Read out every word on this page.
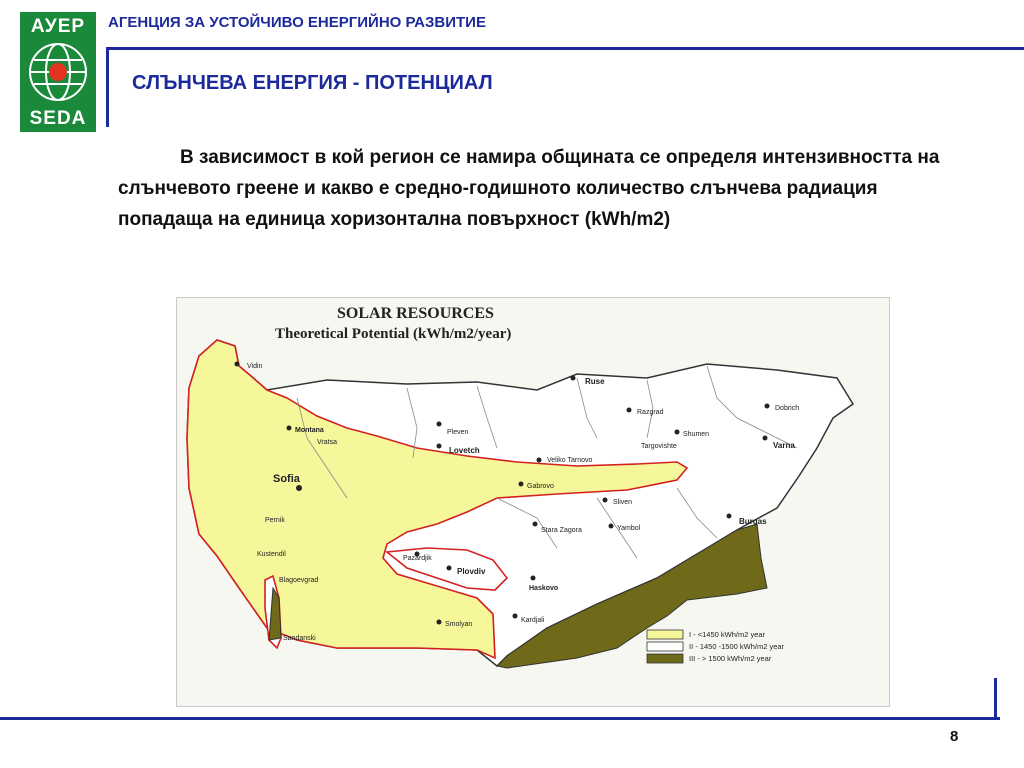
АУЕР
SEDA
АГЕНЦИЯ ЗА УСТОЙЧИВО ЕНЕРГИЙНО РАЗВИТИЕ
СЛЪНЧЕВА ЕНЕРГИЯ - ПОТЕНЦИАЛ
В зависимост в кой регион се намира общината се определя интензивността на слънчевото греене и какво е средно-годишното количество слънчева радиация попадаща на единица хоризонтална повърхност (kWh/m2)
SOLAR RESOURCES
Theoretical Potential (kWh/m2/year)
Vidin
Montana
Vratsa
Sofia
Pernik
Kustendil
Blagoevgrad
Sandanski
Pleven
Lovetch
Veliko Tarnovo
Ruse
Razgrad
Shumen
Targovishte
Dobrich
Varna
Gabrovo
Sliven
Yambol
Burgas
Stara Zagora
Pazardjik
Plovdiv
Haskovo
Kardjali
Smolyan
I - <1450 kWh/m2 year
II - 1450 -1500 kWh/m2 year
III - > 1500 kWh/m2 year
8
